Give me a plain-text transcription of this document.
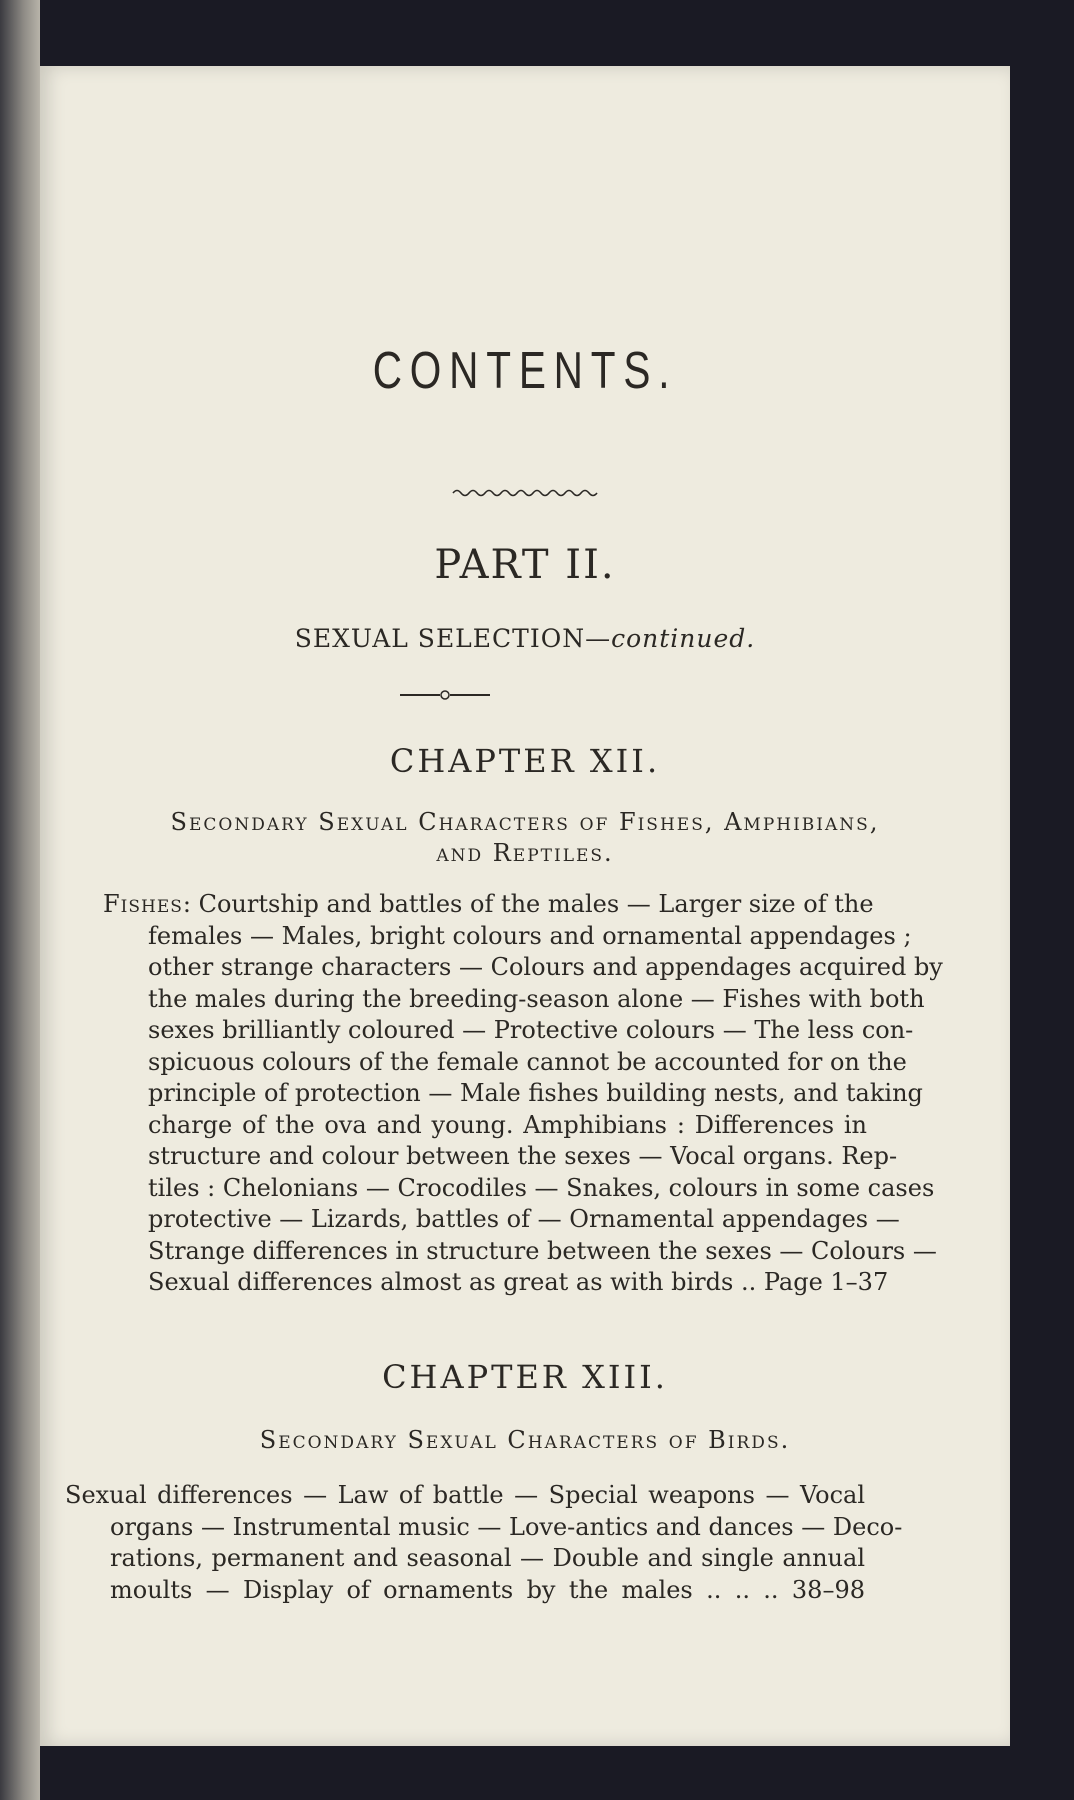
CONTENTS.
PART II.
SEXUAL SELECTION—continued.
CHAPTER XII.
Secondary Sexual Characters of Fishes, Amphibians,
and Reptiles.
Fishes: Courtship and battles of the males — Larger size of the
females — Males, bright colours and ornamental appendages ;
other strange characters — Colours and appendages acquired by
the males during the breeding-season alone — Fishes with both
sexes brilliantly coloured — Protective colours — The less con-
spicuous colours of the female cannot be accounted for on the
principle of protection — Male fishes building nests, and taking
charge of the ova and young. Amphibians : Differences in
structure and colour between the sexes — Vocal organs. Rep-
tiles : Chelonians — Crocodiles — Snakes, colours in some cases
protective — Lizards, battles of — Ornamental appendages —
Strange differences in structure between the sexes — Colours —
Sexual differences almost as great as with birds .. Page 1–37
CHAPTER XIII.
Secondary Sexual Characters of Birds.
Sexual differences — Law of battle — Special weapons — Vocal
organs — Instrumental music — Love-antics and dances — Deco-
rations, permanent and seasonal — Double and single annual
moults — Display of ornaments by the males .. .. .. 38–98
